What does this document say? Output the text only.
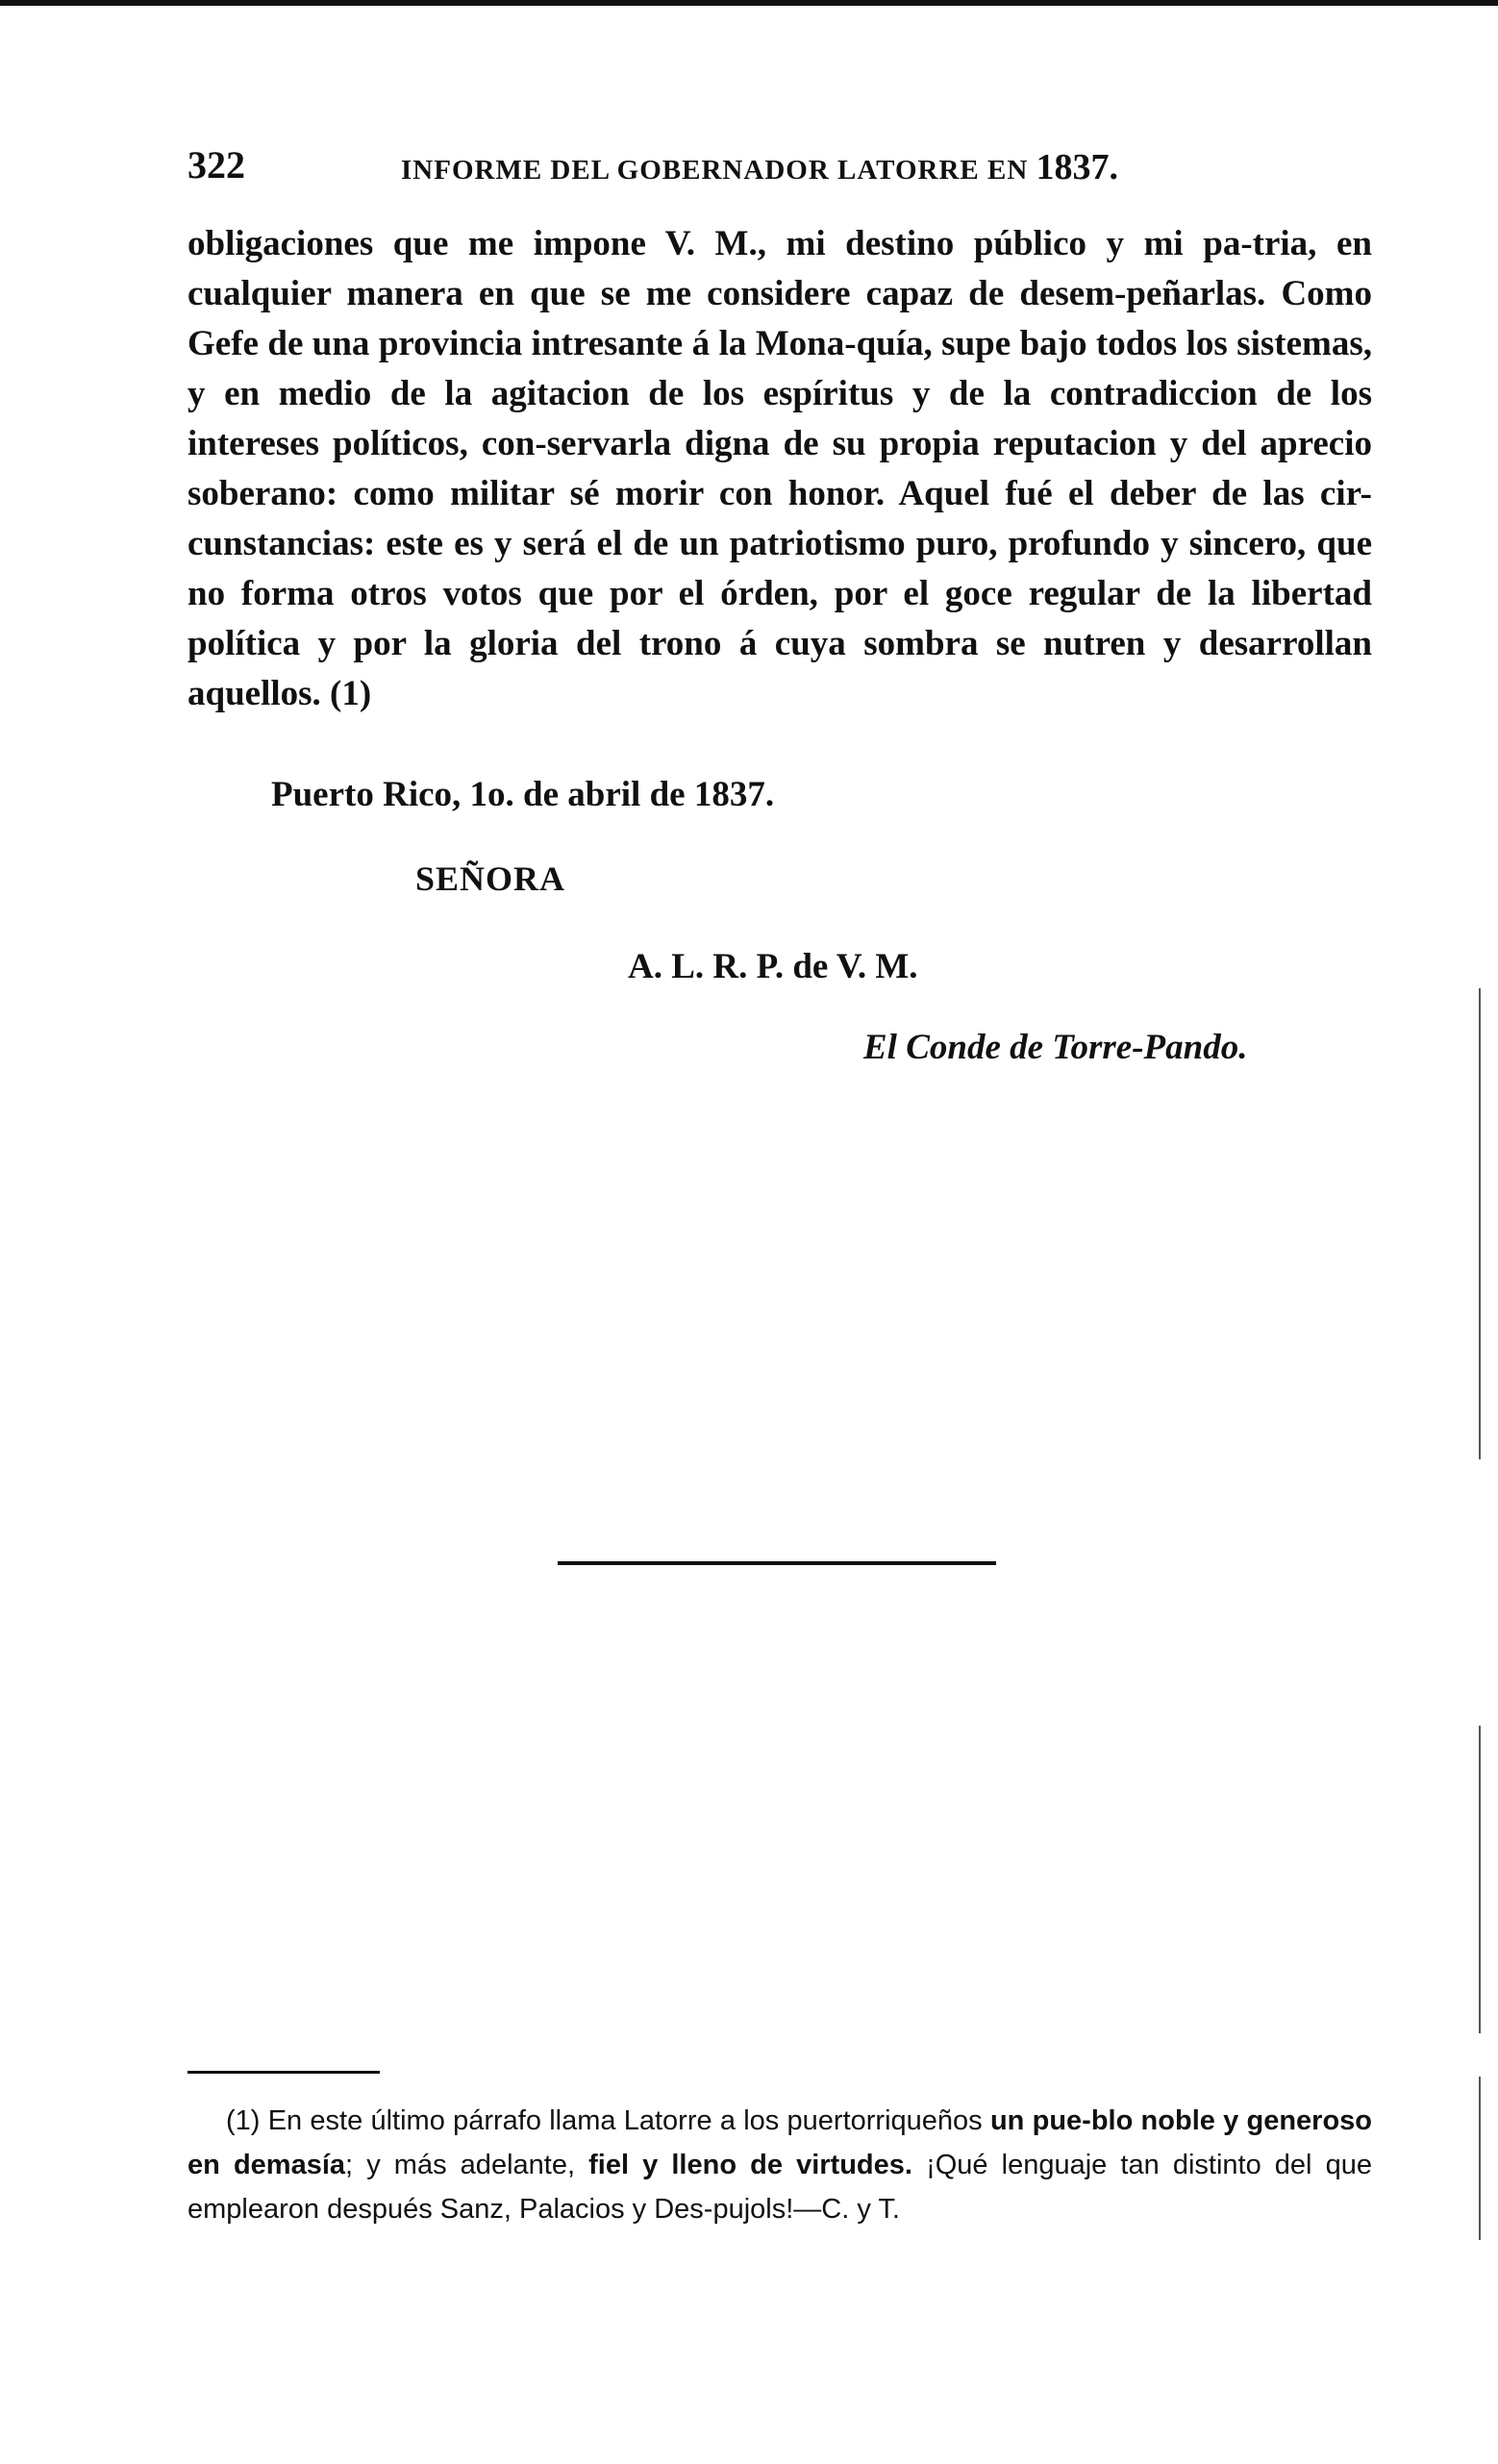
322	INFORME DEL GOBERNADOR LATORRE EN 1837.

obligaciones que me impone V. M., mi destino público y mi pa-tria, en cualquier manera en que se me considere capaz de desem-peñarlas. Como Gefe de una provincia intresante á la Mona-quía, supe bajo todos los sistemas, y en medio de la agitacion de los espíritus y de la contradiccion de los intereses políticos, con-servarla digna de su propia reputacion y del aprecio soberano: como militar sé morir con honor. Aquel fué el deber de las cir-cunstancias: este es y será el de un patriotismo puro, profundo y sincero, que no forma otros votos que por el órden, por el goce regular de la libertad política y por la gloria del trono á cuya sombra se nutren y desarrollan aquellos. (1)

Puerto Rico, 1o. de abril de 1837.
SEÑORA
A. L. R. P. de V. M.
El Conde de Torre-Pando.

(1) En este último párrafo llama Latorre a los puertorriqueños un pue-blo noble y generoso en demasía; y más adelante, fiel y lleno de virtudes. ¡Qué lenguaje tan distinto del que emplearon después Sanz, Palacios y Des-pujols!—C. y T.
